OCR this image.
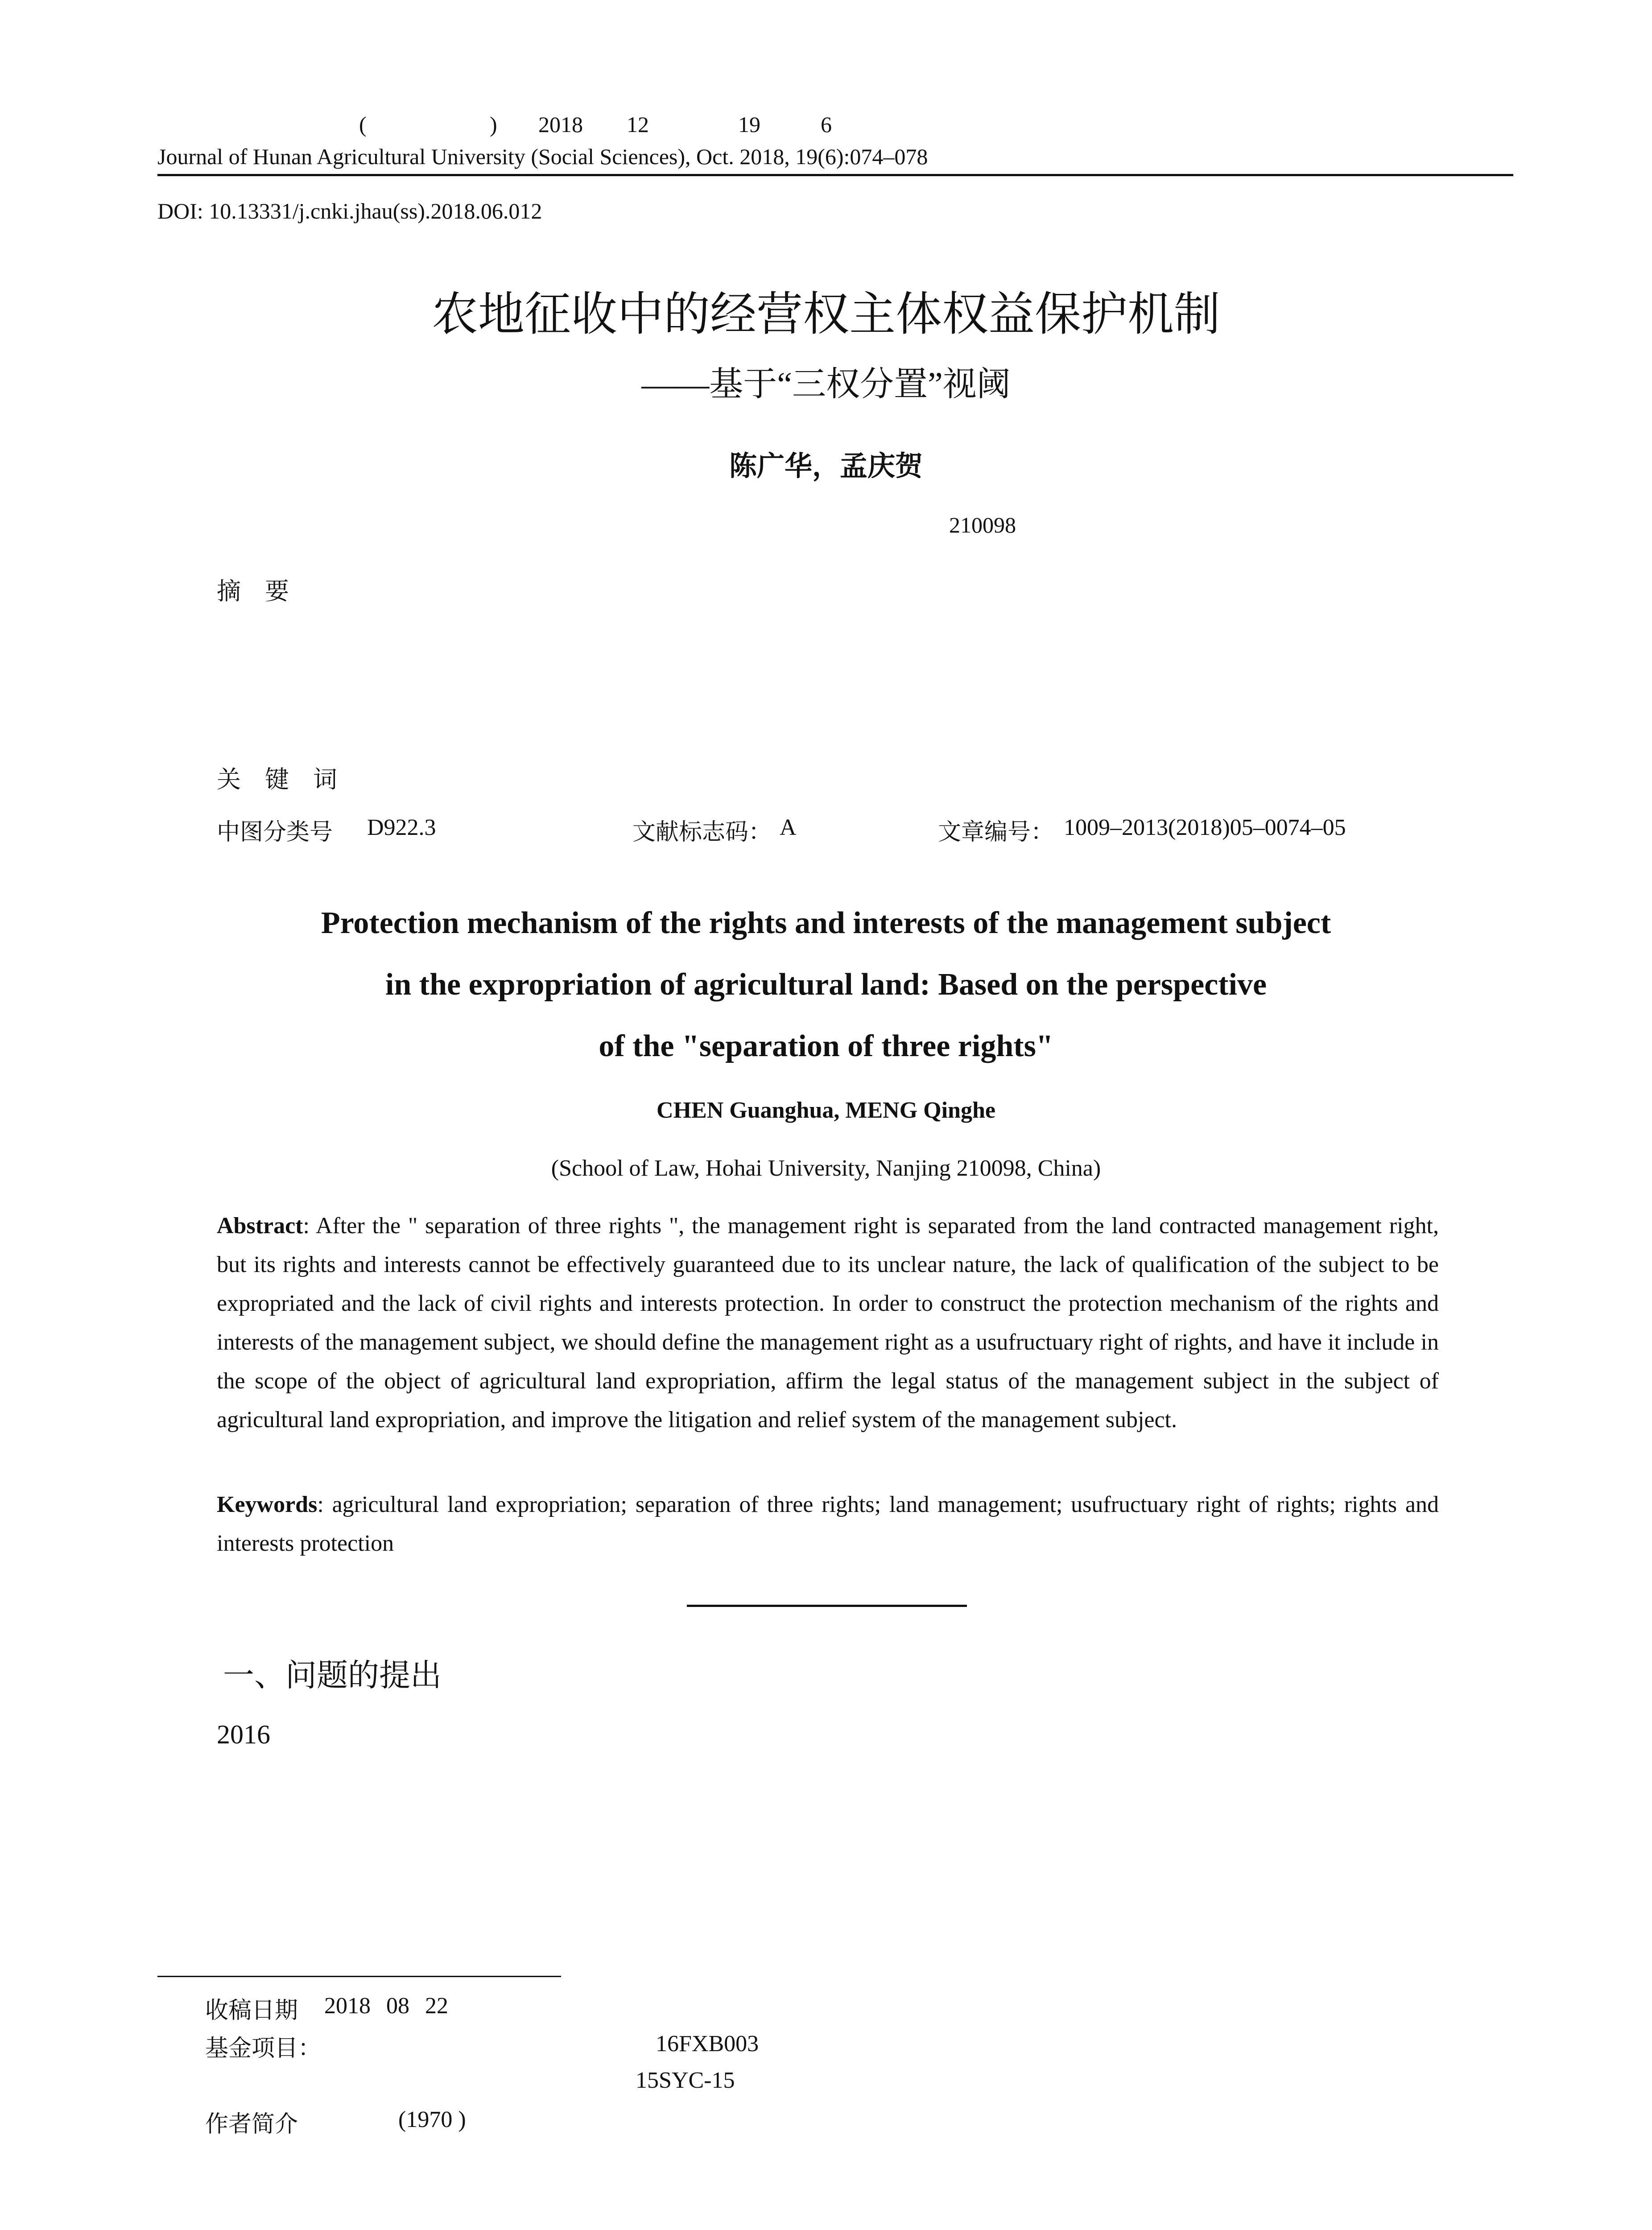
(	) 2018 12	19	6
Journal of Hunan Agricultural University (Social Sciences), Oct. 2018, 19(6):074–078
DOI: 10.13331/j.cnki.jhau(ss).2018.06.012
农地征收中的经营权主体权益保护机制
——基于“三权分置”视阈
陈广华，孟庆贺
210098
摘　要
关　键　词
中图分类号 D922.3	文献标志码： A	文章编号： 1009–2013(2018)05–0074–05
Protection mechanism of the rights and interests of the management subject
in the expropriation of agricultural land: Based on the perspective
of the "separation of three rights"
CHEN Guanghua, MENG Qinghe
(School of Law, Hohai University, Nanjing 210098, China)
Abstract: After the " separation of three rights ", the management right is separated from the land contracted management right, but its rights and interests cannot be effectively guaranteed due to its unclear nature, the lack of qualification of the subject to be expropriated and the lack of civil rights and interests protection. In order to construct the protection mechanism of the rights and interests of the management subject, we should define the management right as a usufructuary right of rights, and have it include in the scope of the object of agricultural land expropriation, affirm the legal status of the management subject in the subject of agricultural land expropriation, and improve the litigation and relief system of the management subject.
Keywords: agricultural land expropriation; separation of three rights; land management; usufructuary right of rights; rights and interests protection
一、问题的提出
2016
收稿日期 2018 08 22
基金项目：	16FXB003
15SYC-15
作者简介	(1970 )
